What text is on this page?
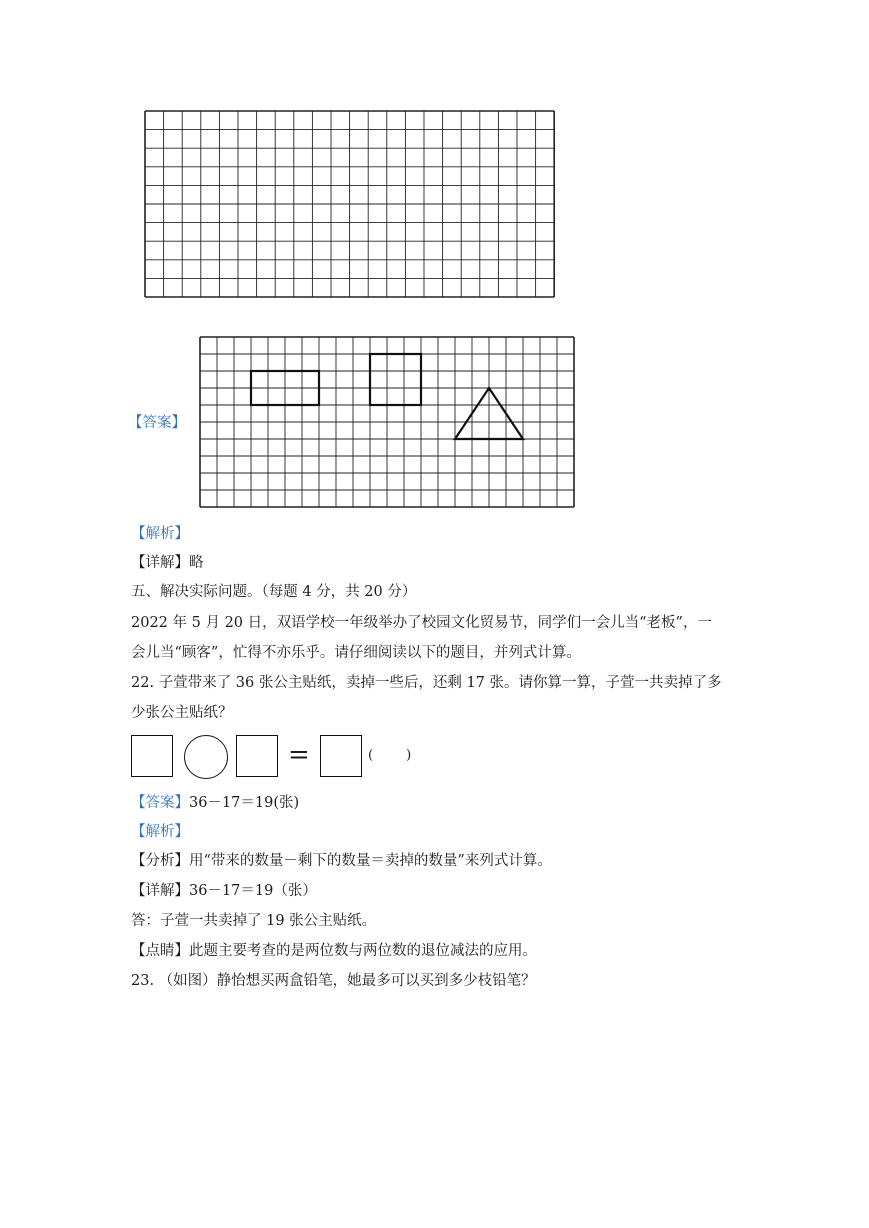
【答案】
【解析】
【详解】略
五、解决实际问题。（每题 4 分，共 20 分）
2022 年 5 月 20 日，双语学校一年级举办了校园文化贸易节，同学们一会儿当“老板”，一
会儿当“顾客”，忙得不亦乐乎。请仔细阅读以下的题目，并列式计算。
22. 子萱带来了 36 张公主贴纸，卖掉一些后，还剩 17 张。请你算一算，子萱一共卖掉了多
少张公主贴纸？
=	(        )
【答案】36－17＝19(张)
【解析】
【分析】用“带来的数量－剩下的数量＝卖掉的数量”来列式计算。
【详解】36－17＝19（张）
答：子萱一共卖掉了 19 张公主贴纸。
【点睛】此题主要考查的是两位数与两位数的退位减法的应用。
23. （如图）静怡想买两盒铅笔，她最多可以买到多少枝铅笔？
